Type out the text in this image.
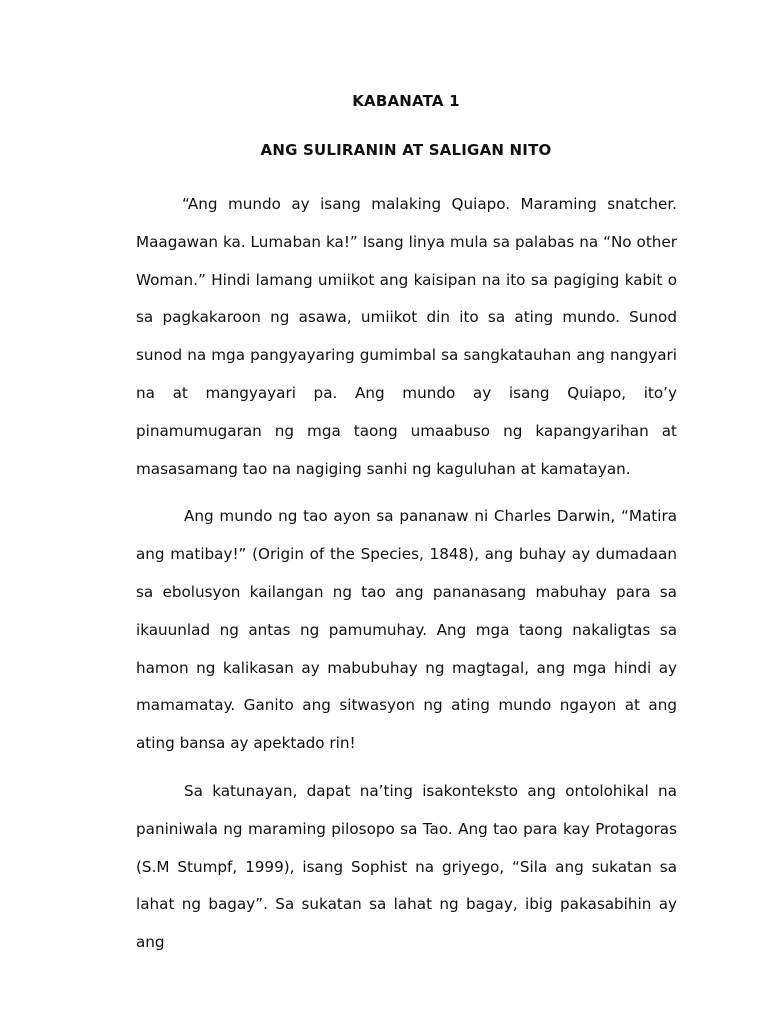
KABANATA 1
ANG SULIRANIN AT SALIGAN NITO

“Ang mundo ay isang malaking Quiapo. Maraming snatcher. Maagawan ka. Lumaban ka!” Isang linya mula sa palabas na “No other Woman.” Hindi lamang umiikot ang kaisipan na ito sa pagiging kabit o sa pagkakaroon ng asawa, umiikot din ito sa ating mundo. Sunod sunod na mga pangyayaring gumimbal sa sangkatauhan ang nangyari na at mangyayari pa. Ang mundo ay isang Quiapo, ito’y pinamumugaran ng mga taong umaabuso ng kapangyarihan at masasamang tao na nagiging sanhi ng kaguluhan at kamatayan.

Ang mundo ng tao ayon sa pananaw ni Charles Darwin, “Matira ang matibay!” (Origin of the Species, 1848), ang buhay ay dumadaan sa ebolusyon kailangan ng tao ang pananasang mabuhay para sa ikauunlad ng antas ng pamumuhay. Ang mga taong nakaligtas sa hamon ng kalikasan ay mabubuhay ng magtagal, ang mga hindi ay mamamatay. Ganito ang sitwasyon ng ating mundo ngayon at ang ating bansa ay apektado rin!

Sa katunayan, dapat na’ting isakonteksto ang ontolohikal na paniniwala ng maraming pilosopo sa Tao. Ang tao para kay Protagoras (S.M Stumpf, 1999), isang Sophist na griyego, “Sila ang sukatan sa lahat ng bagay”. Sa sukatan sa lahat ng bagay, ibig pakasabihin ay ang
